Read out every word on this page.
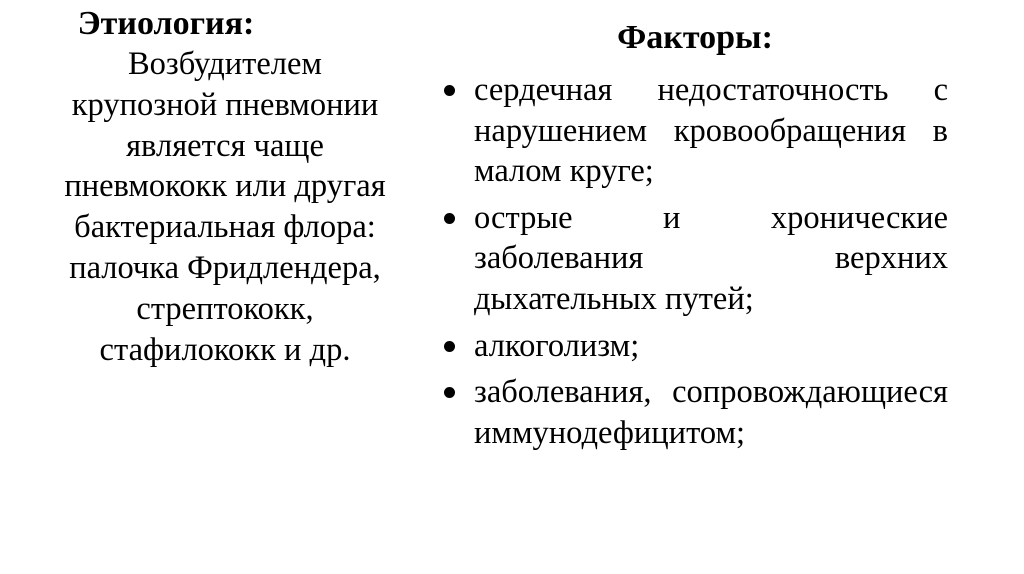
Этиология:
Возбудителем крупозной пневмонии является чаще пневмококк или другая бактериальная флора: палочка Фридлендера, стрептококк, стафилококк и др.
Факторы:
сердечная недостаточность с нарушением кровообращения в малом круге;
острые и хронические заболевания верхних дыхательных путей;
алкоголизм;
заболевания, сопровождающиеся иммунодефицитом;
